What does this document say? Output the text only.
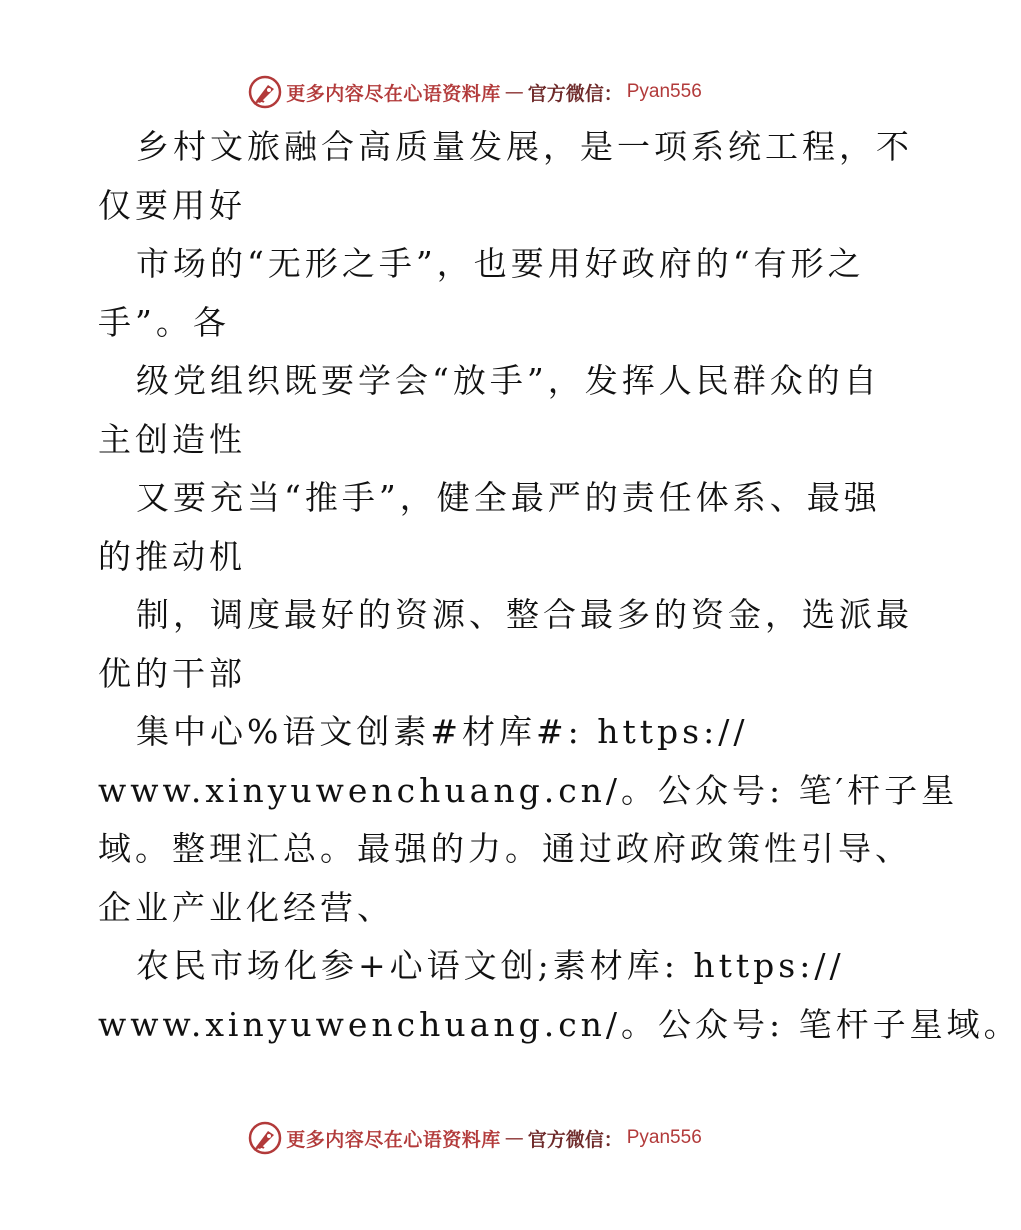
更多内容尽在心语资料库 — 官方微信： Pyan556
乡村文旅融合高质量发展，是一项系统工程，不
仅要用好
市场的“无形之手”，也要用好政府的“有形之
手”。各
级党组织既要学会“放手”，发挥人民群众的自
主创造性
又要充当“推手”，健全最严的责任体系、最强
的推动机
制，调度最好的资源、整合最多的资金，选派最
优的干部
集中心%语文创素#材库#: https://
www.xinyuwenchuang.cn/。公众号: 笔′杆子星
域。整理汇总。最强的力。通过政府政策性引导、
企业产业化经营、
农民市场化参+心语文创;素材库: https://
www.xinyuwenchuang.cn/。公众号: 笔杆子星域。
更多内容尽在心语资料库 — 官方微信： Pyan556
